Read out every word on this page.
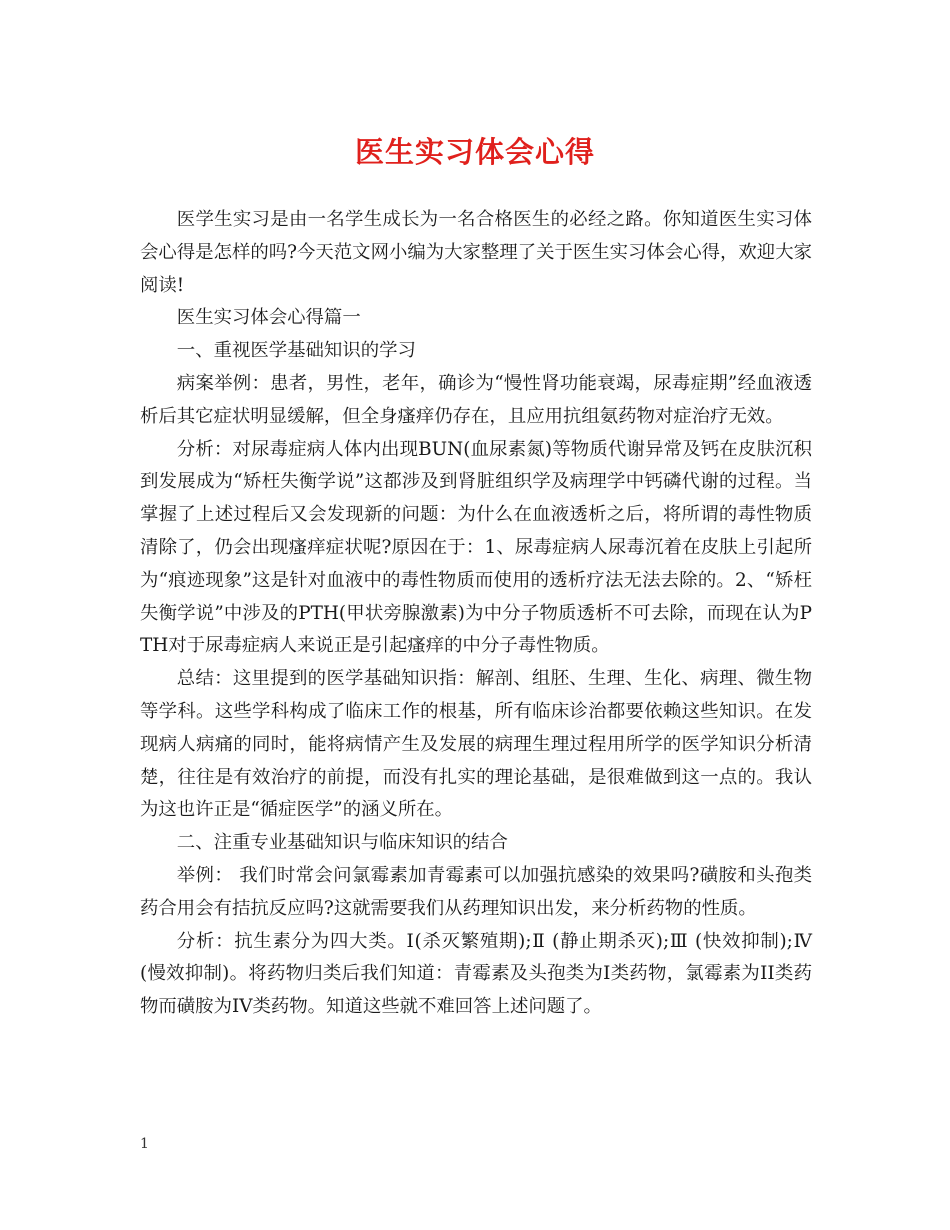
医生实习体会心得

医学生实习是由一名学生成长为一名合格医生的必经之路。你知道医生实习体会心得是怎样的吗?今天范文网小编为大家整理了关于医生实习体会心得，欢迎大家阅读!

医生实习体会心得篇一

一、重视医学基础知识的学习

病案举例：患者，男性，老年，确诊为“慢性肾功能衰竭，尿毒症期”经血液透析后其它症状明显缓解，但全身瘙痒仍存在，且应用抗组氨药物对症治疗无效。

分析：对尿毒症病人体内出现BUN(血尿素氮)等物质代谢异常及钙在皮肤沉积到发展成为“矫枉失衡学说”这都涉及到肾脏组织学及病理学中钙磷代谢的过程。当掌握了上述过程后又会发现新的问题：为什么在血液透析之后，将所谓的毒性物质清除了，仍会出现瘙痒症状呢?原因在于：1、尿毒症病人尿毒沉着在皮肤上引起所为“痕迹现象”这是针对血液中的毒性物质而使用的透析疗法无法去除的。2、“矫枉失衡学说”中涉及的PTH(甲状旁腺激素)为中分子物质透析不可去除，而现在认为PTH对于尿毒症病人来说正是引起瘙痒的中分子毒性物质。

总结：这里提到的医学基础知识指：解剖、组胚、生理、生化、病理、微生物等学科。这些学科构成了临床工作的根基，所有临床诊治都要依赖这些知识。在发现病人病痛的同时，能将病情产生及发展的病理生理过程用所学的医学知识分析清楚，往往是有效治疗的前提，而没有扎实的理论基础，是很难做到这一点的。我认为这也许正是“循症医学”的涵义所在。

二、注重专业基础知识与临床知识的结合

举例： 我们时常会问氯霉素加青霉素可以加强抗感染的效果吗?磺胺和头孢类药合用会有拮抗反应吗?这就需要我们从药理知识出发，来分析药物的性质。

分析：抗生素分为四大类。Ⅰ(杀灭繁殖期);Ⅱ (静止期杀灭);Ⅲ (快效抑制);Ⅳ (慢效抑制)。将药物归类后我们知道：青霉素及头孢类为Ⅰ类药物，氯霉素为II类药物而磺胺为IV类药物。知道这些就不难回答上述问题了。

1
